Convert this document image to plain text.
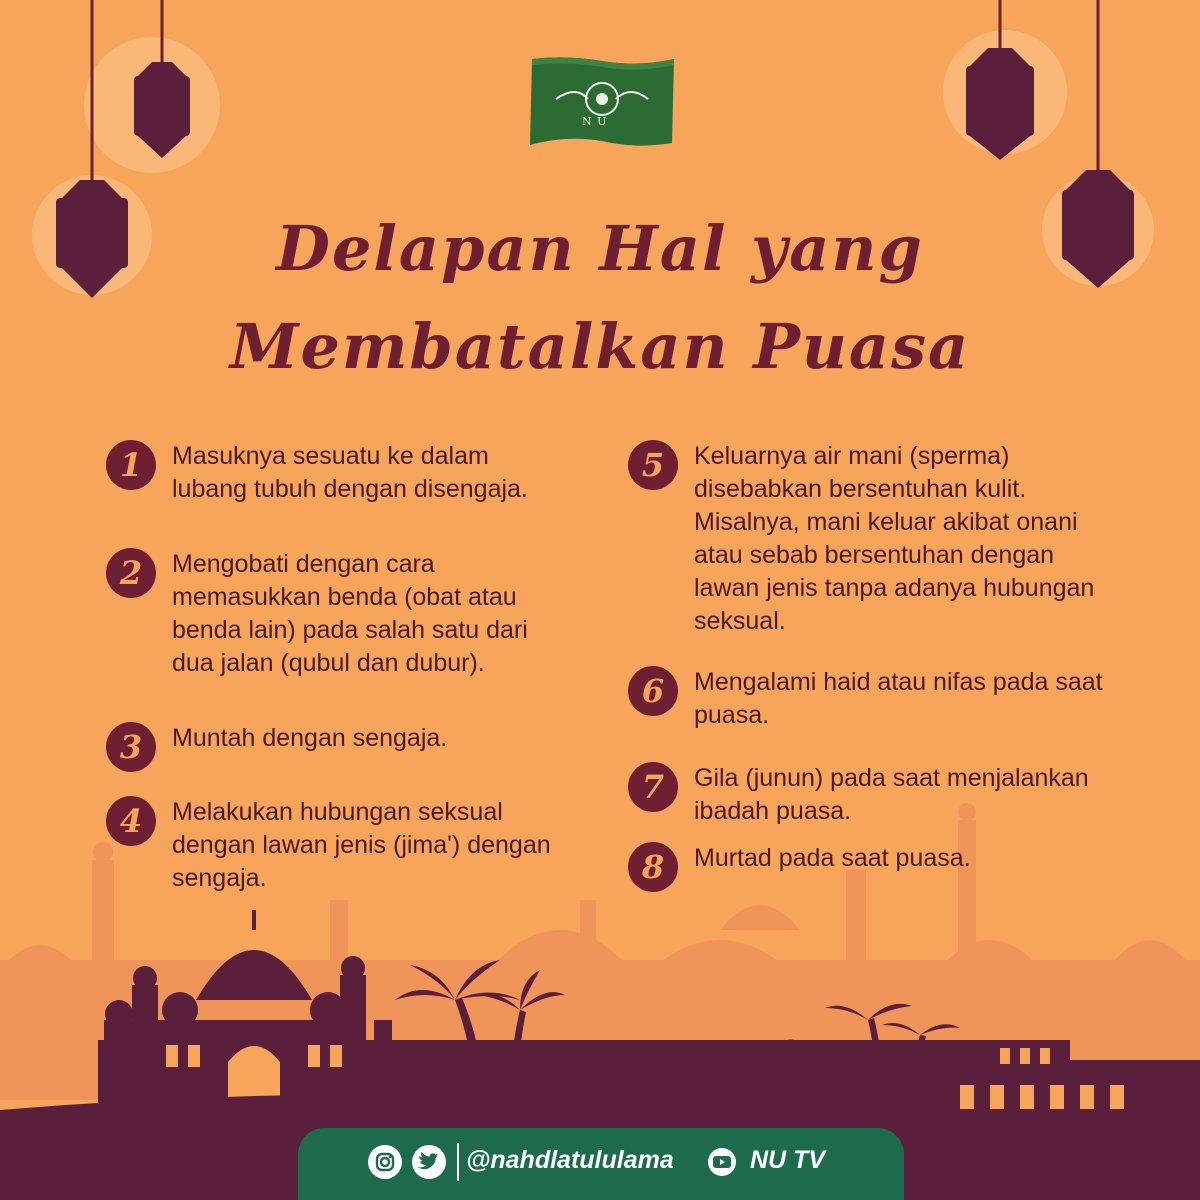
N U
Delapan Hal yang
Membatalkan Puasa
1	Masuknya sesuatu ke dalam lubang tubuh dengan disengaja.
2	Mengobati dengan cara memasukkan benda (obat atau benda lain) pada salah satu dari dua jalan (qubul dan dubur).
3	Muntah dengan sengaja.
4	Melakukan hubungan seksual dengan lawan jenis (jima') dengan sengaja.
5	Keluarnya air mani (sperma) disebabkan bersentuhan kulit. Misalnya, mani keluar akibat onani atau sebab bersentuhan dengan lawan jenis tanpa adanya hubungan seksual.
6	Mengalami haid atau nifas pada saat puasa.
7	Gila (junun) pada saat menjalankan ibadah puasa.
8	Murtad pada saat puasa.
@nahdlatululama	NU TV
